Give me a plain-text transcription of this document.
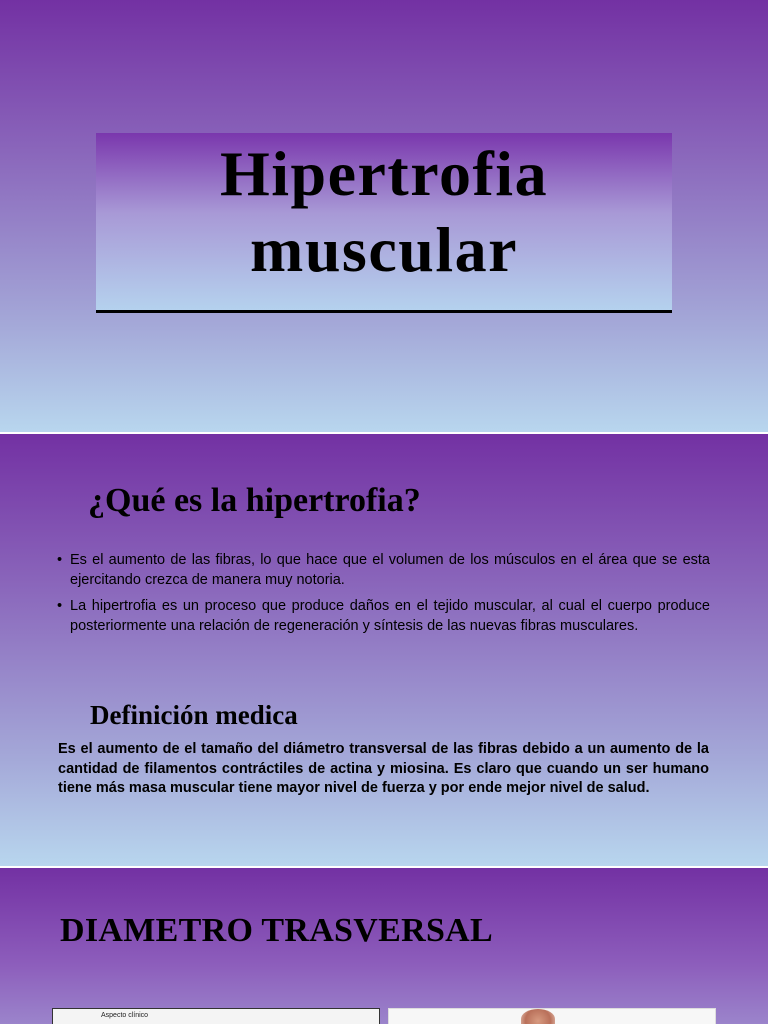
Hipertrofia
muscular
¿Qué es la hipertrofia?
• Es el aumento de las fibras, lo que hace que el volumen de los músculos en el área que se esta ejercitando crezca de manera muy notoria.
• La hipertrofia es un proceso que produce daños en el tejido muscular, al cual el cuerpo produce posteriormente una relación de regeneración y síntesis de las nuevas fibras musculares.
Definición medica

Es el aumento de el tamaño del diámetro transversal de las fibras debido a un aumento de la cantidad de filamentos contráctiles de actina y miosina. Es claro que cuando un ser humano tiene más masa muscular tiene mayor nivel de fuerza y por ende mejor nivel de salud.

DIAMETRO TRASVERSAL
Aspecto clínico
